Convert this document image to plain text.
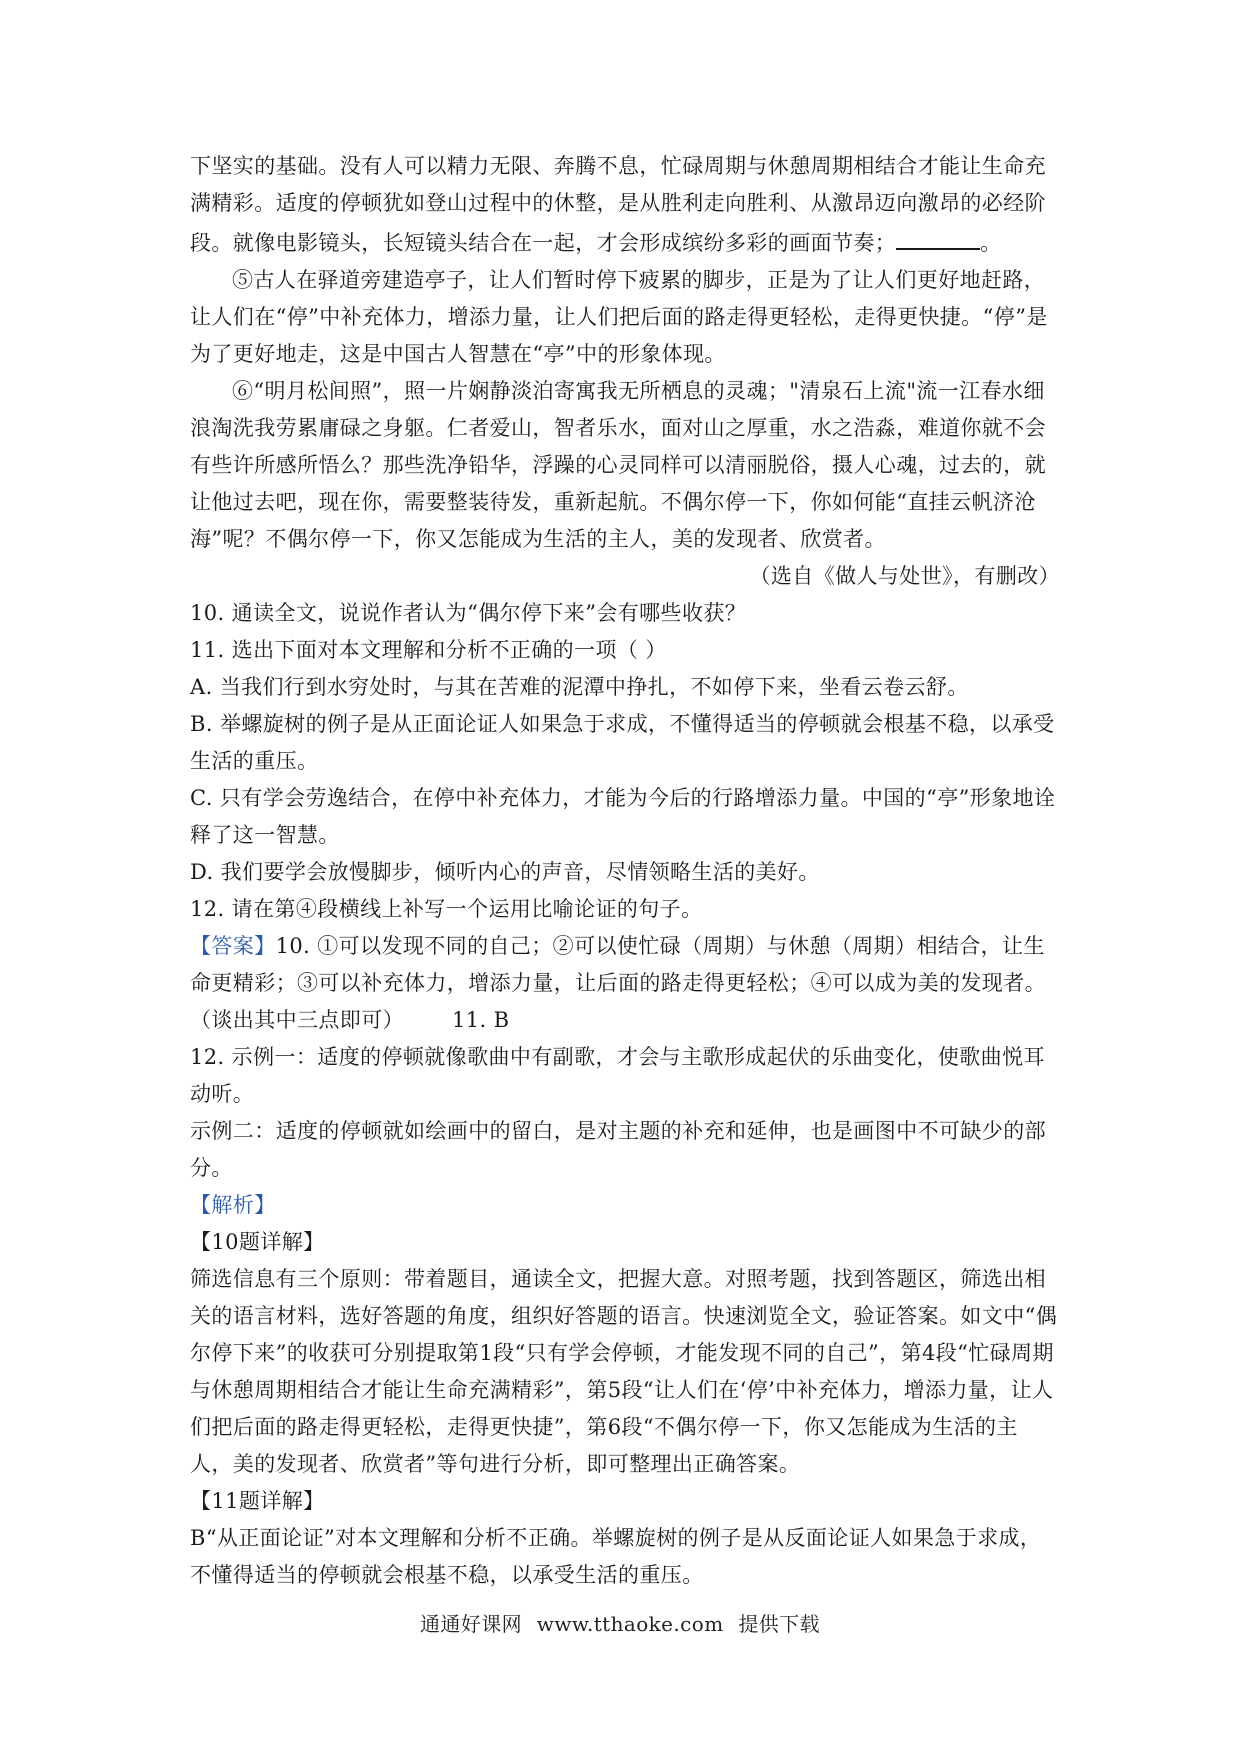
下坚实的基础。没有人可以精力无限、奔腾不息，忙碌周期与休憩周期相结合才能让生命充

满精彩。适度的停顿犹如登山过程中的休整，是从胜利走向胜利、从激昂迈向激昂的必经阶

段。就像电影镜头，长短镜头结合在一起，才会形成缤纷多彩的画面节奏；	。

⑤古人在驿道旁建造亭子，让人们暂时停下疲累的脚步，正是为了让人们更好地赶路，让人们在“停”中补充体力，增添力量，让人们把后面的路走得更轻松，走得更快捷。“停”是为了更好地走，这是中国古人智慧在“亭”中的形象体现。

⑥“明月松间照”，照一片娴静淡泊寄寓我无所栖息的灵魂；"清泉石上流"流一江春水细浪淘洗我劳累庸碌之身躯。仁者爱山，智者乐水，面对山之厚重，水之浩淼，难道你就不会有些许所感所悟么？那些洗净铅华，浮躁的心灵同样可以清丽脱俗，摄人心魂，过去的，就让他过去吧，现在你，需要整装待发，重新起航。不偶尔停一下，你如何能“直挂云帆济沧海”呢？不偶尔停一下，你又怎能成为生活的主人，美的发现者、欣赏者。

（选自《做人与处世》，有删改）

10. 通读全文，说说作者认为“偶尔停下来”会有哪些收获？

11. 选出下面对本文理解和分析不正确的一项（ ）

A. 当我们行到水穷处时，与其在苦难的泥潭中挣扎，不如停下来，坐看云卷云舒。

B. 举螺旋树的例子是从正面论证人如果急于求成，不懂得适当的停顿就会根基不稳，以承受生活的重压。

C. 只有学会劳逸结合，在停中补充体力，才能为今后的行路增添力量。中国的“亭”形象地诠释了这一智慧。

D. 我们要学会放慢脚步，倾听内心的声音，尽情领略生活的美好。

12. 请在第④段横线上补写一个运用比喻论证的句子。

【答案】10. ①可以发现不同的自己；②可以使忙碌（周期）与休憩（周期）相结合，让生命更精彩；③可以补充体力，增添力量，让后面的路走得更轻松；④可以成为美的发现者。

（谈出其中三点即可） 11. B

12. 示例一：适度的停顿就像歌曲中有副歌，才会与主歌形成起伏的乐曲变化，使歌曲悦耳动听。

示例二：适度的停顿就如绘画中的留白，是对主题的补充和延伸，也是画图中不可缺少的部分。

【解析】

【10题详解】

筛选信息有三个原则：带着题目，通读全文，把握大意。对照考题，找到答题区，筛选出相关的语言材料，选好答题的角度，组织好答题的语言。快速浏览全文，验证答案。如文中“偶尔停下来”的收获可分别提取第1段“只有学会停顿，才能发现不同的自己”，第4段“忙碌周期与休憩周期相结合才能让生命充满精彩”，第5段“让人们在‘停’中补充体力，增添力量，让人们把后面的路走得更轻松，走得更快捷”，第6段“不偶尔停一下，你又怎能成为生活的主人，美的发现者、欣赏者”等句进行分析，即可整理出正确答案。

【11题详解】

B“从正面论证”对本文理解和分析不正确。举螺旋树的例子是从反面论证人如果急于求成，不懂得适当的停顿就会根基不稳，以承受生活的重压。

通通好课网 www.tthaoke.com 提供下载
